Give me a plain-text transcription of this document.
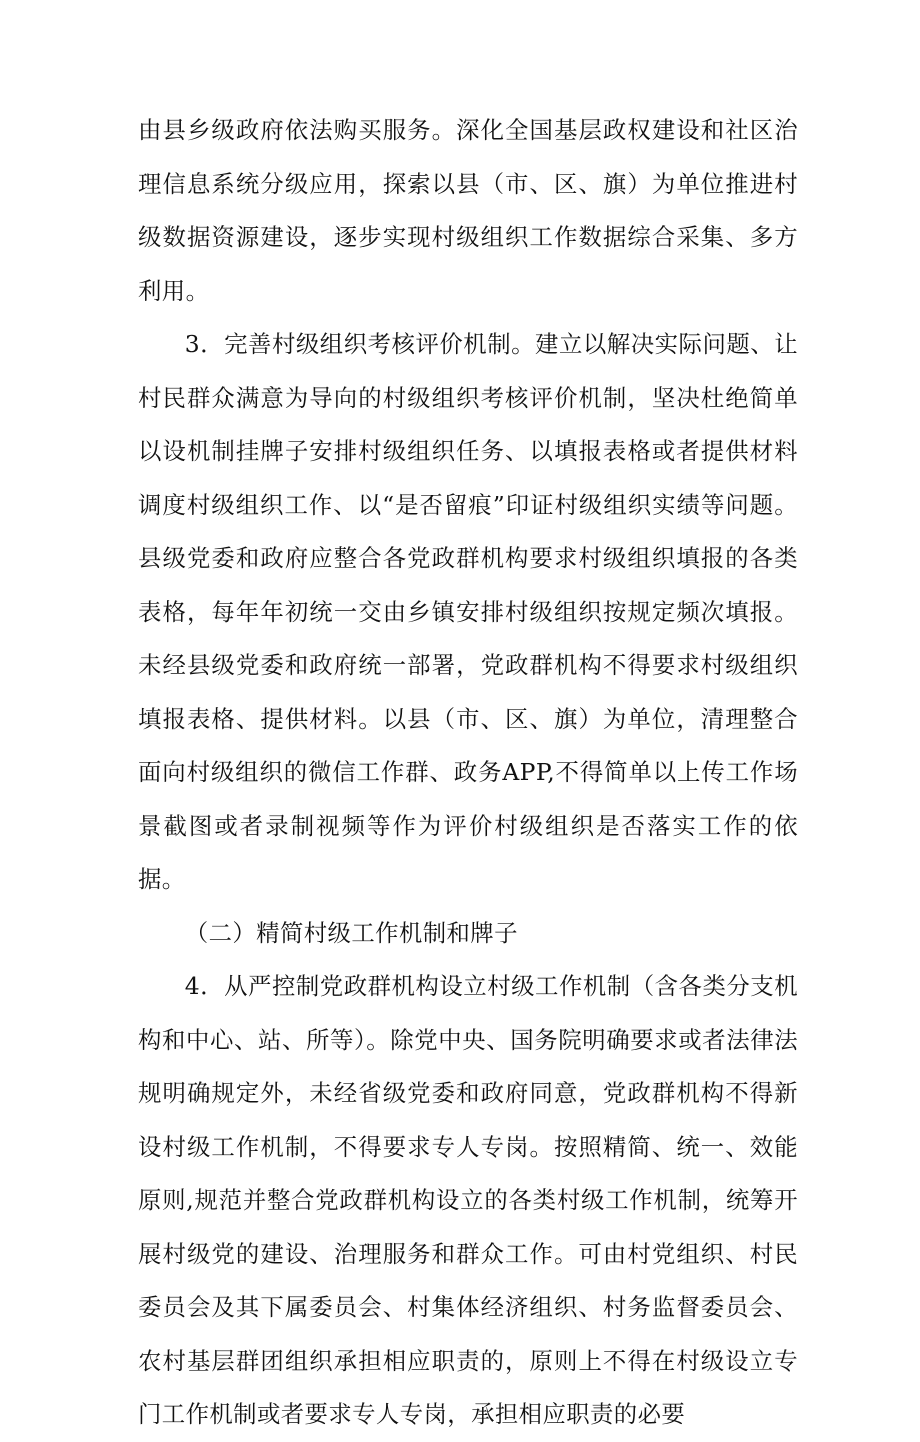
由县乡级政府依法购买服务。深化全国基层政权建设和社区治理信息系统分级应用，探索以县（市、区、旗）为单位推进村级数据资源建设，逐步实现村级组织工作数据综合采集、多方利用。

3．完善村级组织考核评价机制。建立以解决实际问题、让村民群众满意为导向的村级组织考核评价机制，坚决杜绝简单以设机制挂牌子安排村级组织任务、以填报表格或者提供材料调度村级组织工作、以“是否留痕”印证村级组织实绩等问题。县级党委和政府应整合各党政群机构要求村级组织填报的各类表格，每年年初统一交由乡镇安排村级组织按规定频次填报。未经县级党委和政府统一部署，党政群机构不得要求村级组织填报表格、提供材料。以县（市、区、旗）为单位，清理整合面向村级组织的微信工作群、政务APP,不得简单以上传工作场景截图或者录制视频等作为评价村级组织是否落实工作的依据。

（二）精简村级工作机制和牌子

4．从严控制党政群机构设立村级工作机制（含各类分支机构和中心、站、所等）。除党中央、国务院明确要求或者法律法规明确规定外，未经省级党委和政府同意，党政群机构不得新设村级工作机制，不得要求专人专岗。按照精简、统一、效能原则,规范并整合党政群机构设立的各类村级工作机制，统筹开展村级党的建设、治理服务和群众工作。可由村党组织、村民委员会及其下属委员会、村集体经济组织、村务监督委员会、农村基层群团组织承担相应职责的，原则上不得在村级设立专门工作机制或者要求专人专岗，承担相应职责的必要
